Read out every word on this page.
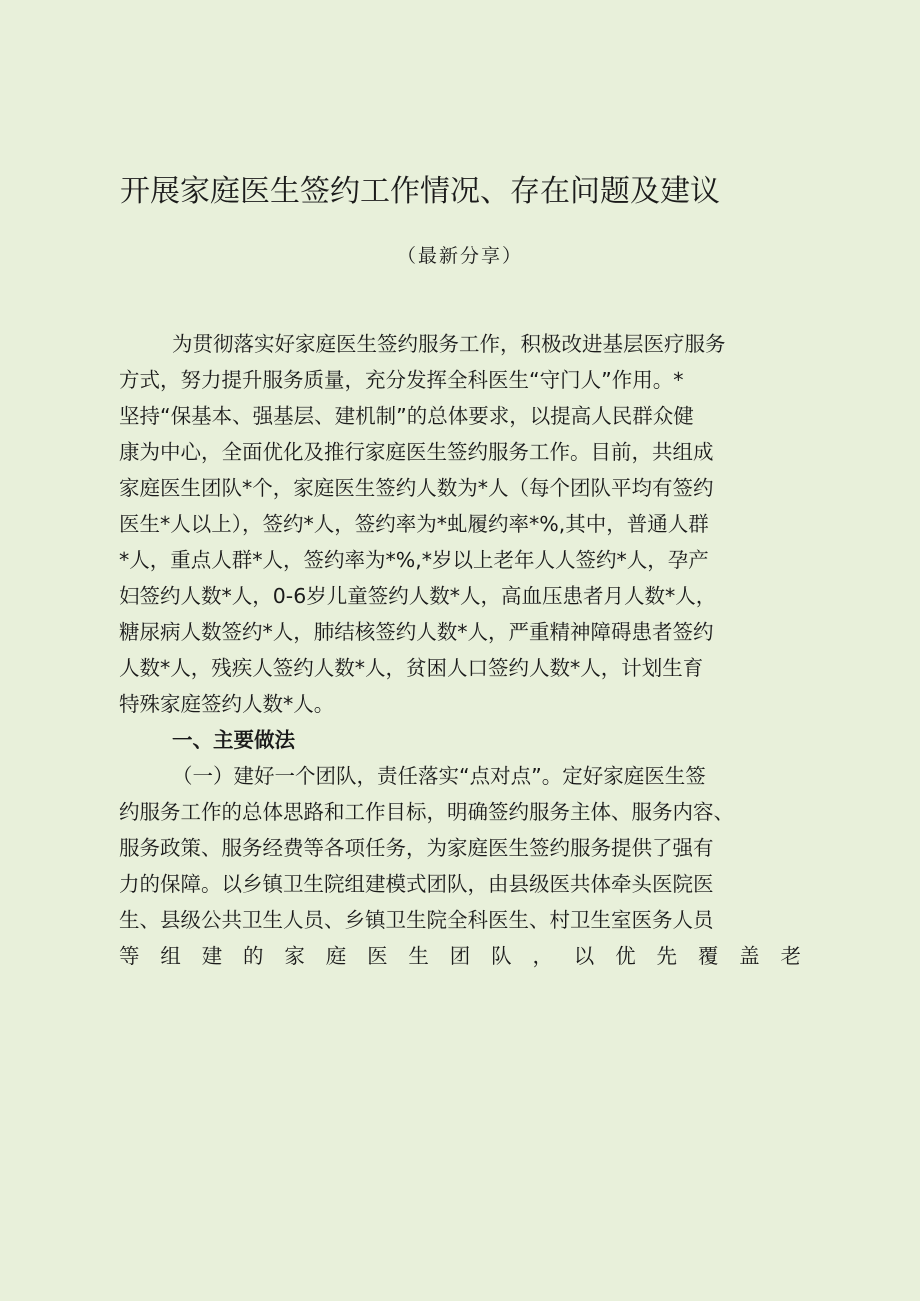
开展家庭医生签约工作情况、存在问题及建议
（最新分享）
为贯彻落实好家庭医生签约服务工作，积极改进基层医疗服务
方式，努力提升服务质量，充分发挥全科医生“守门人”作用。*
坚持“保基本、强基层、建机制”的总体要求，以提高人民群众健
康为中心，全面优化及推行家庭医生签约服务工作。目前，共组成
家庭医生团队*个，家庭医生签约人数为*人（每个团队平均有签约
医生*人以上），签约*人，签约率为*虬履约率*%,其中，普通人群
*人，重点人群*人，签约率为*%,*岁以上老年人人签约*人，孕产
妇签约人数*人，0-6岁儿童签约人数*人，高血压患者月人数*人，
糖尿病人数签约*人，肺结核签约人数*人，严重精神障碍患者签约
人数*人，残疾人签约人数*人，贫困人口签约人数*人，计划生育
特殊家庭签约人数*人。
一、主要做法
（一）建好一个团队，责任落实“点对点”。定好家庭医生签
约服务工作的总体思路和工作目标，明确签约服务主体、服务内容、
服务政策、服务经费等各项任务，为家庭医生签约服务提供了强有
力的保障。以乡镇卫生院组建模式团队，由县级医共体牵头医院医
生、县级公共卫生人员、乡镇卫生院全科医生、村卫生室医务人员
等 组 建 的 家 庭 医 生 团 队 ， 以 优 先 覆 盖 老
